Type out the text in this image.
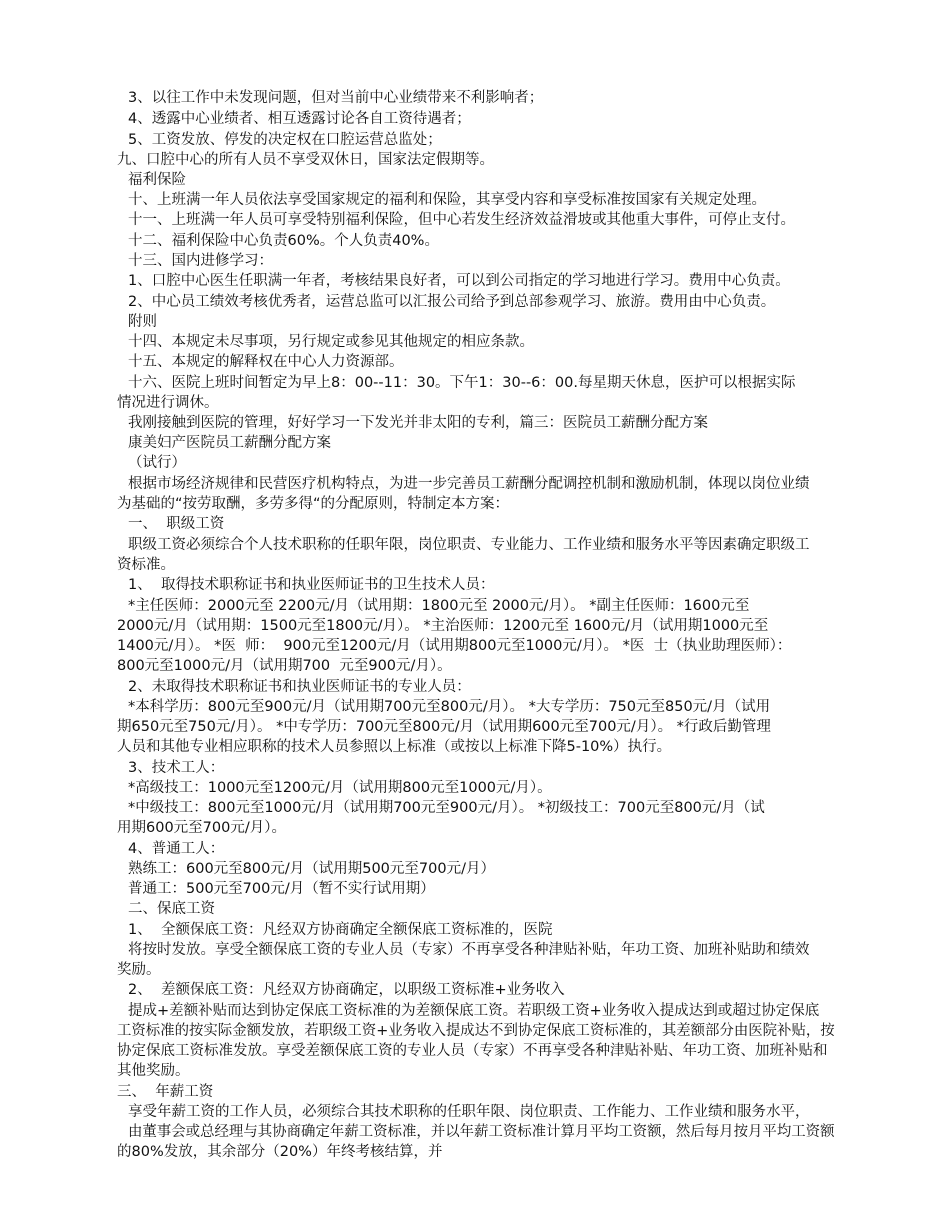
3、以往工作中未发现问题，但对当前中心业绩带来不利影响者；
4、透露中心业绩者、相互透露讨论各自工资待遇者；
5、工资发放、停发的决定权在口腔运营总监处；
九、口腔中心的所有人员不享受双休日，国家法定假期等。
福利保险
十、上班满一年人员依法享受国家规定的福利和保险，其享受内容和享受标准按国家有关规定处理。
十一、上班满一年人员可享受特别福利保险，但中心若发生经济效益滑坡或其他重大事件，可停止支付。
十二、福利保险中心负责60%。个人负责40%。
十三、国内进修学习：
1、口腔中心医生任职满一年者，考核结果良好者，可以到公司指定的学习地进行学习。费用中心负责。
2、中心员工绩效考核优秀者，运营总监可以汇报公司给予到总部参观学习、旅游。费用由中心负责。
附则
十四、本规定未尽事项，另行规定或参见其他规定的相应条款。
十五、本规定的解释权在中心人力资源部。
十六、医院上班时间暂定为早上8：00--11：30。下午1：30--6：00.每星期天休息，医护可以根据实际
情况进行调休。
我刚接触到医院的管理，好好学习一下发光并非太阳的专利，篇三：医院员工薪酬分配方案
康美妇产医院员工薪酬分配方案
（试行）
根据市场经济规律和民营医疗机构特点，为进一步完善员工薪酬分配调控机制和激励机制，体现以岗位业绩
为基础的“按劳取酬，多劳多得“的分配原则，特制定本方案：
一、  职级工资
职级工资必须综合个人技术职称的任职年限，岗位职责、专业能力、工作业绩和服务水平等因素确定职级工
资标准。
1、  取得技术职称证书和执业医师证书的卫生技术人员：
*主任医师：2000元至 2200元/月（试用期：1800元至 2000元/月）。 *副主任医师：1600元至
2000元/月（试用期：1500元至1800元/月）。 *主治医师：1200元至 1600元/月（试用期1000元至
1400元/月）。 *医  师：  900元至1200元/月（试用期800元至1000元/月）。 *医  士（执业助理医师）：
800元至1000元/月（试用期700  元至900元/月）。
2、未取得技术职称证书和执业医师证书的专业人员：
*本科学历：800元至900元/月（试用期700元至800元/月）。 *大专学历：750元至850元/月（试用
期650元至750元/月）。 *中专学历：700元至800元/月（试用期600元至700元/月）。 *行政后勤管理
人员和其他专业相应职称的技术人员参照以上标准（或按以上标准下降5-10%）执行。
3、技术工人：
*高级技工：1000元至1200元/月（试用期800元至1000元/月）。
*中级技工：800元至1000元/月（试用期700元至900元/月）。 *初级技工：700元至800元/月（试
用期600元至700元/月）。
4、普通工人：
熟练工：600元至800元/月（试用期500元至700元/月）
普通工：500元至700元/月（暂不实行试用期）
二、保底工资
1、  全额保底工资：凡经双方协商确定全额保底工资标准的，医院
将按时发放。享受全额保底工资的专业人员（专家）不再享受各种津贴补贴，年功工资、加班补贴助和绩效
奖励。
2、  差额保底工资：凡经双方协商确定，以职级工资标准+业务收入
提成+差额补贴而达到协定保底工资标准的为差额保底工资。若职级工资+业务收入提成达到或超过协定保底
工资标准的按实际金额发放，若职级工资+业务收入提成达不到协定保底工资标准的，其差额部分由医院补贴，按
协定保底工资标准发放。享受差额保底工资的专业人员（专家）不再享受各种津贴补贴、年功工资、加班补贴和
其他奖励。
三、  年薪工资
享受年薪工资的工作人员，必须综合其技术职称的任职年限、岗位职责、工作能力、工作业绩和服务水平，
由董事会或总经理与其协商确定年薪工资标准，并以年薪工资标准计算月平均工资额，然后每月按月平均工资额
的80%发放，其余部分（20%）年终考核结算，并
